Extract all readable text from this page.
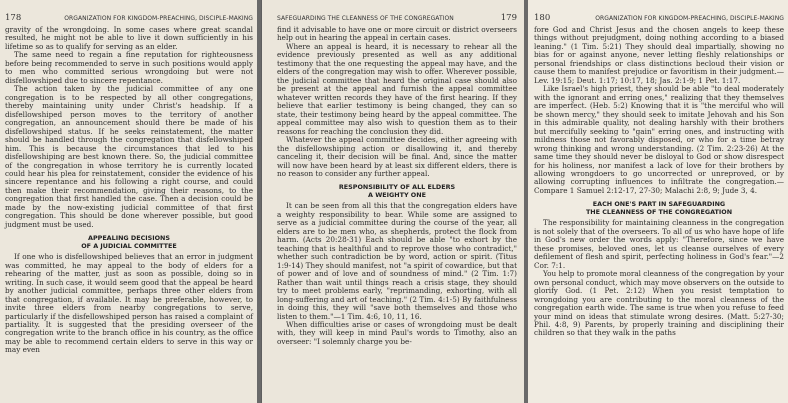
178	ORGANIZATION FOR KINGDOM-PREACHING, DISCIPLE-MAKING

gravity of the wrongdoing. In some cases where great scandal resulted, he might not be able to live it down sufficiently in his lifetime so as to qualify for serving as an elder.

The same need to regain a fine reputation for righteousness before being recommended to serve in such positions would apply to men who committed serious wrongdoing but were not disfellowshiped due to sincere repentance.

The action taken by the judicial committee of any one congregation is to be respected by all other congregations, thereby maintaining unity under Christ's headship. If a disfellowshiped person moves to the territory of another congregation, an announcement should there be made of his disfellowshiped status. If he seeks reinstatement, the matter should be handled through the congregation that disfellowshiped him. This is because the circumstances that led to his disfellowshiping are best known there. So, the judicial committee of the congregation in whose territory he is currently located could hear his plea for reinstatement, consider the evidence of his sincere repentance and his following a right course, and could then make their recommendation, giving their reasons, to the congregation that first handled the case. Then a decision could be made by the now-existing judicial committee of that first congregation. This should be done wherever possible, but good judgment must be used.

APPEALING DECISIONS
OF A JUDICIAL COMMITTEE

If one who is disfellowshiped believes that an error in judgment was committed, he may appeal to the body of elders for a rehearing of the matter, just as soon as possible, doing so in writing. In such case, it would seem good that the appeal be heard by another judicial committee, perhaps three other elders from that congregation, if available. It may be preferable, however, to invite three elders from nearby congregations to serve, particularly if the disfellowshiped person has raised a complaint of partiality. It is suggested that the presiding overseer of the congregation write to the branch office in his country, as the office may be able to recommend certain elders to serve in this way or may even

SAFEGUARDING THE CLEANNESS OF THE CONGREGATION	179

find it advisable to have one or more circuit or district overseers help out in hearing the appeal in certain cases.

Where an appeal is heard, it is necessary to rehear all the evidence previously presented as well as any additional testimony that the one requesting the appeal may have, and the elders of the congregation may wish to offer. Wherever possible, the judicial committee that heard the original case should also be present at the appeal and furnish the appeal committee whatever written records they have of the first hearing. If they believe that earlier testimony is being changed, they can so state, their testimony being heard by the appeal committee. The appeal committee may also wish to question them as to their reasons for reaching the conclusion they did.

Whatever the appeal committee decides, either agreeing with the disfellowshiping action or disallowing it, and thereby canceling it, their decision will be final. And, since the matter will now have been heard by at least six different elders, there is no reason to consider any further appeal.

RESPONSIBILITY OF ALL ELDERS
A WEIGHTY ONE

It can be seen from all this that the congregation elders have a weighty responsibility to bear. While some are assigned to serve as a judicial committee during the course of the year, all elders are to be men who, as shepherds, protect the flock from harm. (Acts 20:28-31) Each should be able "to exhort by the teaching that is healthful and to reprove those who contradict," whether such contradiction be by word, action or spirit. (Titus 1:9-14) They should manifest, not "a spirit of cowardice, but that of power and of love and of soundness of mind." (2 Tim. 1:7) Rather than wait until things reach a crisis stage, they should try to meet problems early, "reprimanding, exhorting, with all long-suffering and art of teaching." (2 Tim. 4:1-5) By faithfulness in doing this, they will "save both themselves and those who listen to them."—1 Tim. 4:6, 10, 11, 16.

When difficulties arise or cases of wrongdoing must be dealt with, they will keep in mind Paul's words to Timothy, also an overseer: "I solemnly charge you be-

180	ORGANIZATION FOR KINGDOM-PREACHING, DISCIPLE-MAKING

fore God and Christ Jesus and the chosen angels to keep these things without prejudgment, doing nothing according to a biased leaning." (1 Tim. 5:21) They should deal impartially, showing no bias for or against anyone, never letting fleshly relationships or personal friendships or class distinctions becloud their vision or cause them to manifest prejudice or favoritism in their judgment.—Lev. 19:15; Deut. 1:17; 10:17, 18; Jas. 2:1-9; 1 Pet. 1:17.

Like Israel's high priest, they should be able "to deal moderately with the ignorant and erring ones," realizing that they themselves are imperfect. (Heb. 5:2) Knowing that it is "the merciful who will be shown mercy," they should seek to imitate Jehovah and his Son in this admirable quality, not dealing harshly with their brothers but mercifully seeking to "gain" erring ones, and instructing with mildness those not favorably disposed, or who for a time betray wrong thinking and wrong understanding. (2 Tim. 2:23-26) At the same time they should never be disloyal to God or show disrespect for his holiness, nor manifest a lack of love for their brothers by allowing wrongdoers to go uncorrected or unreproved, or by allowing corrupting influences to infiltrate the congregation.—Compare 1 Samuel 2:12-17, 27-30; Malachi 2:8, 9; Jude 3, 4.

EACH ONE'S PART IN SAFEGUARDING
THE CLEANNESS OF THE CONGREGATION

The responsibility for maintaining cleanness in the congregation is not solely that of the overseers. To all of us who have hope of life in God's new order the words apply: "Therefore, since we have these promises, beloved ones, let us cleanse ourselves of every defilement of flesh and spirit, perfecting holiness in God's fear."—2 Cor. 7:1.

You help to promote moral cleanness of the congregation by your own personal conduct, which may move observers on the outside to glorify God. (1 Pet. 2:12) When you resist temptation to wrongdoing you are contributing to the moral cleanness of the congregation earth wide. The same is true when you refuse to feed your mind on ideas that stimulate wrong desires. (Matt. 5:27-30; Phil. 4:8, 9) Parents, by properly training and disciplining their children so that they walk in the paths
